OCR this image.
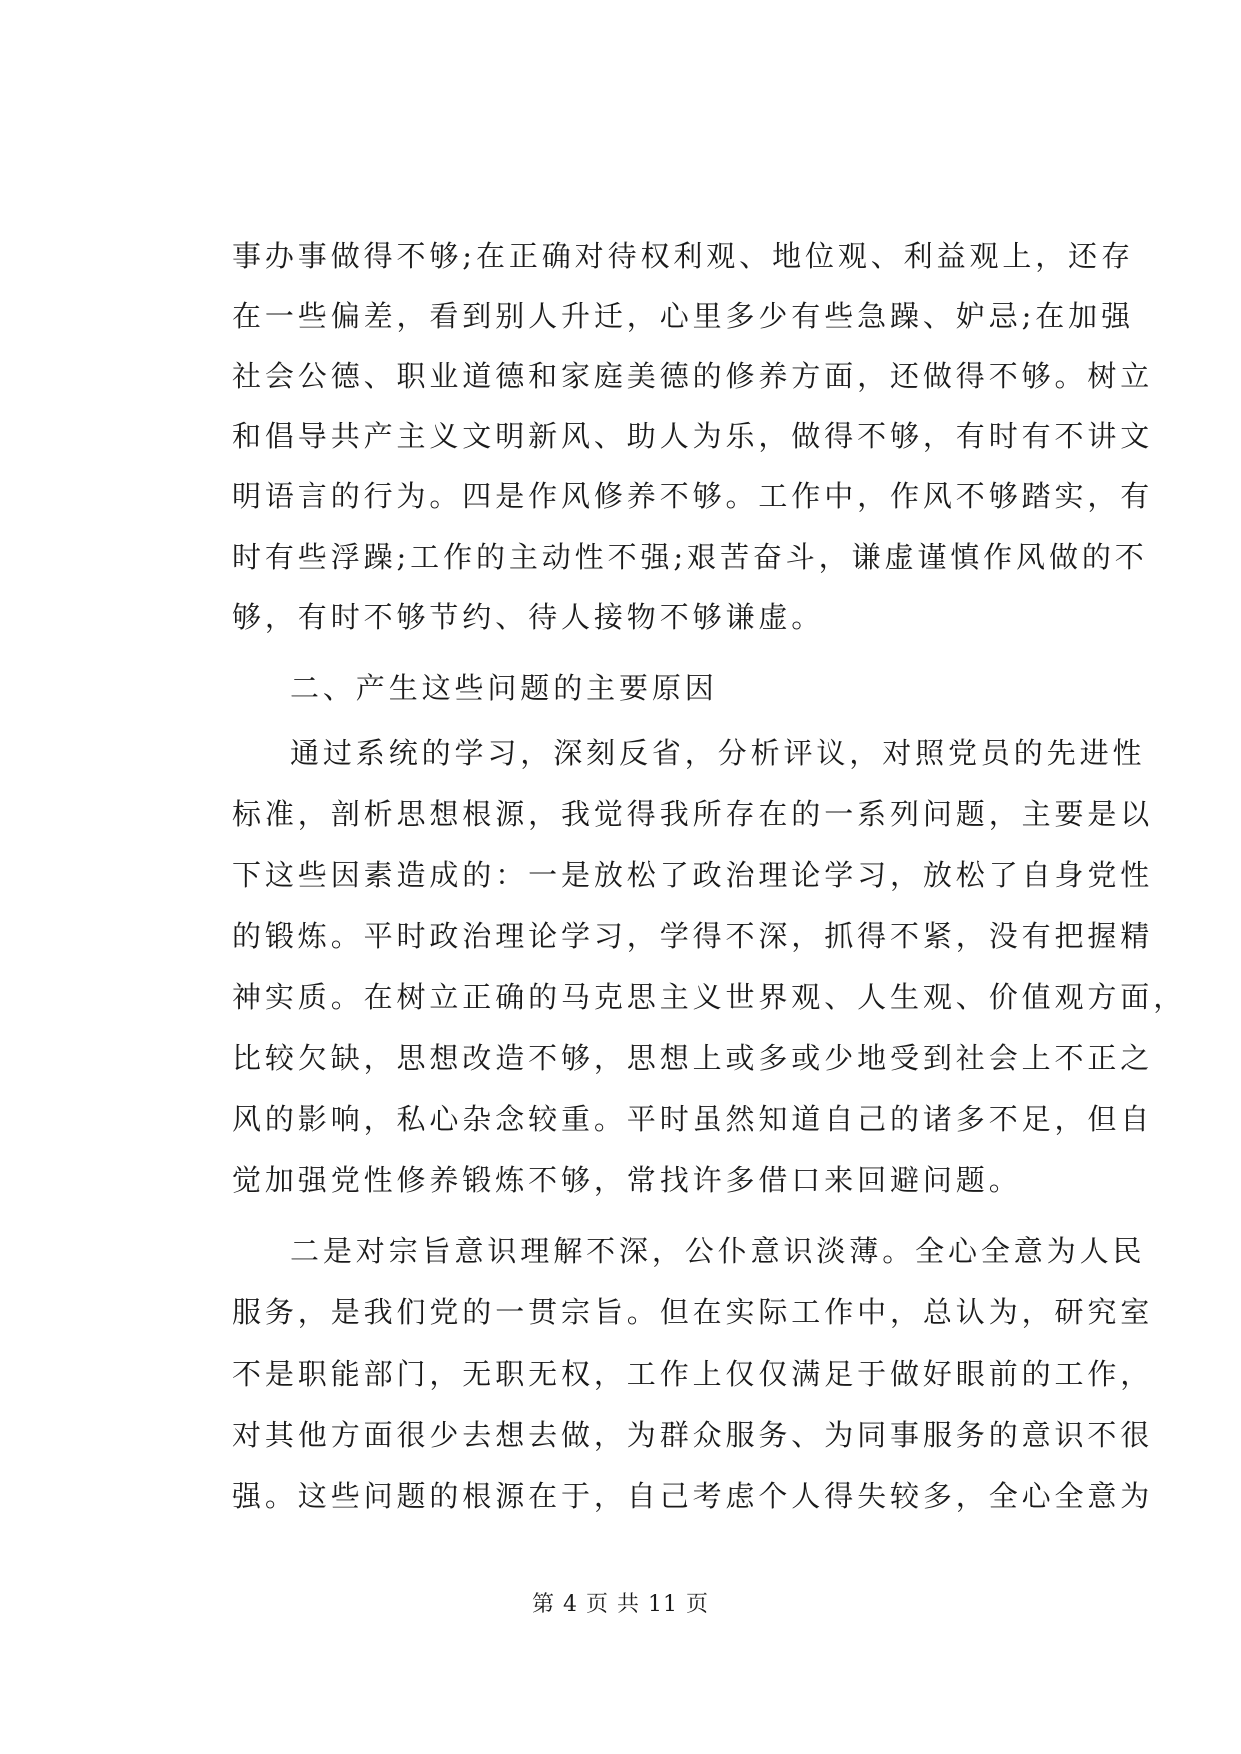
事办事做得不够;在正确对待权利观、地位观、利益观上，还存
在一些偏差，看到别人升迁，心里多少有些急躁、妒忌;在加强
社会公德、职业道德和家庭美德的修养方面，还做得不够。树立
和倡导共产主义文明新风、助人为乐，做得不够，有时有不讲文
明语言的行为。四是作风修养不够。工作中，作风不够踏实，有
时有些浮躁;工作的主动性不强;艰苦奋斗，谦虚谨慎作风做的不
够，有时不够节约、待人接物不够谦虚。
二、产生这些问题的主要原因
通过系统的学习，深刻反省，分析评议，对照党员的先进性
标准，剖析思想根源，我觉得我所存在的一系列问题，主要是以
下这些因素造成的：一是放松了政治理论学习，放松了自身党性
的锻炼。平时政治理论学习，学得不深，抓得不紧，没有把握精
神实质。在树立正确的马克思主义世界观、人生观、价值观方面，
比较欠缺，思想改造不够，思想上或多或少地受到社会上不正之
风的影响，私心杂念较重。平时虽然知道自己的诸多不足，但自
觉加强党性修养锻炼不够，常找许多借口来回避问题。
二是对宗旨意识理解不深，公仆意识淡薄。全心全意为人民
服务，是我们党的一贯宗旨。但在实际工作中，总认为，研究室
不是职能部门，无职无权，工作上仅仅满足于做好眼前的工作，
对其他方面很少去想去做，为群众服务、为同事服务的意识不很
强。这些问题的根源在于，自己考虑个人得失较多，全心全意为
第 4 页 共 11 页
